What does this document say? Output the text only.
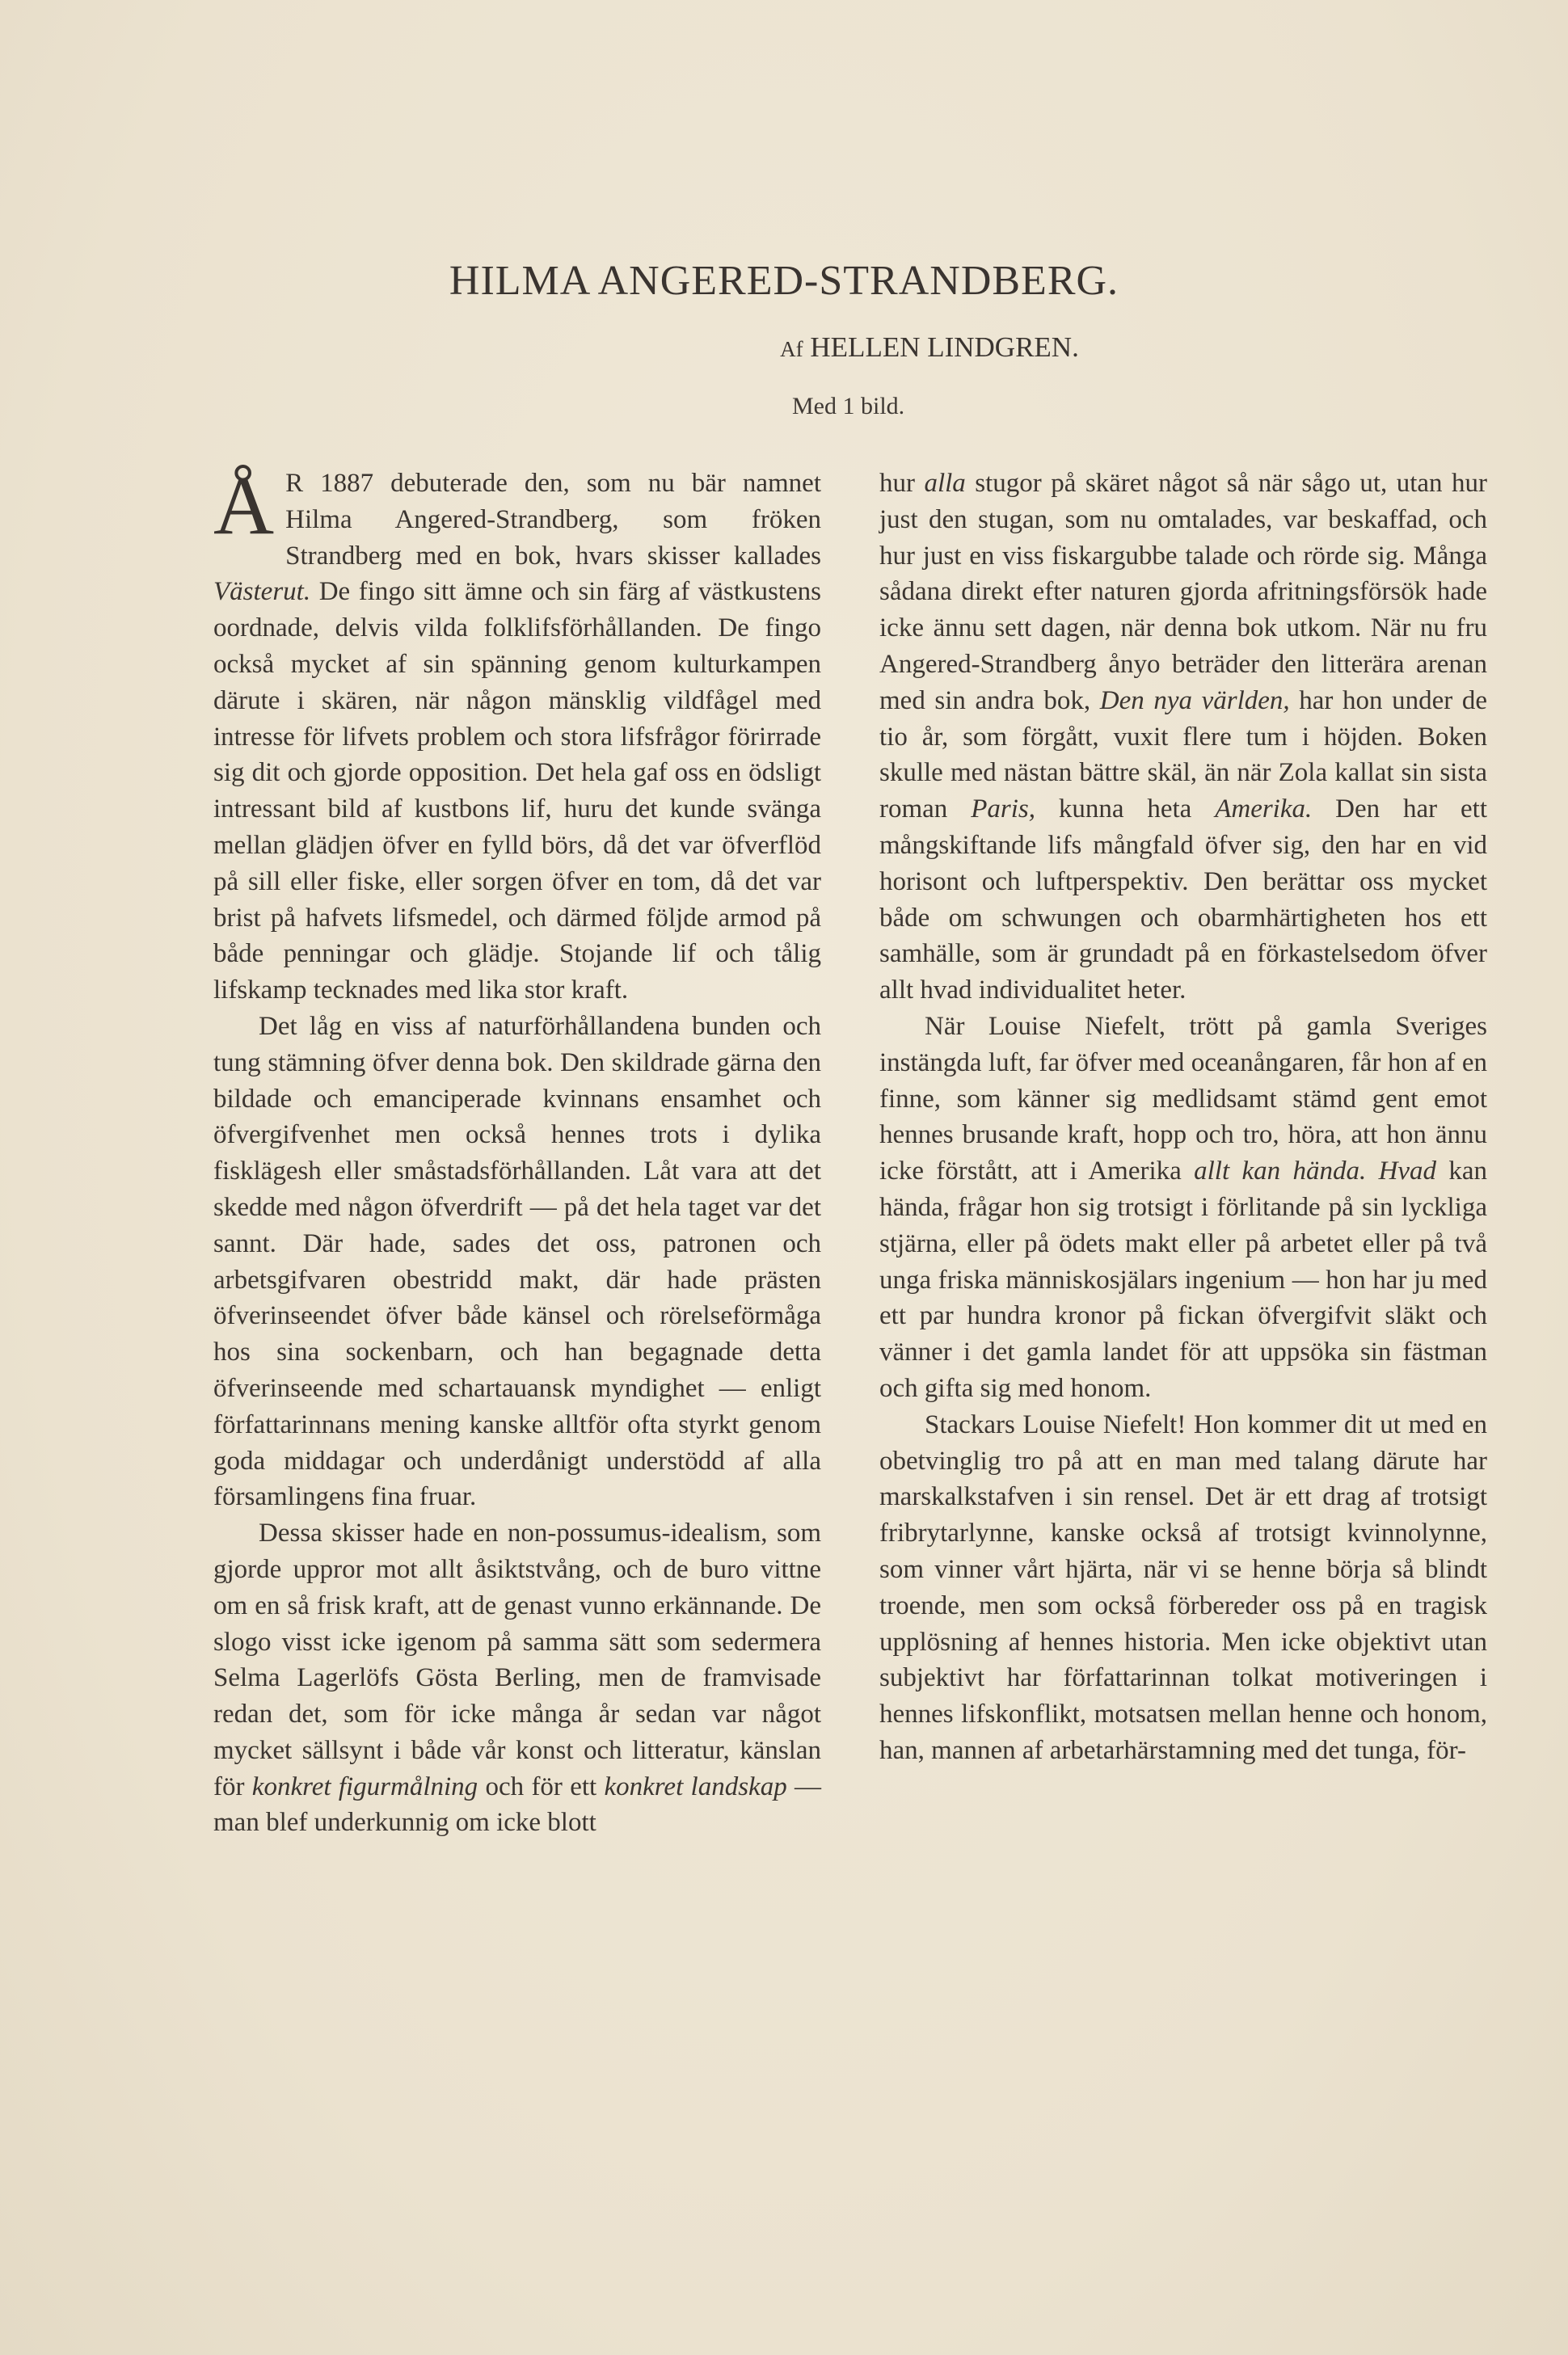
HILMA ANGERED-STRANDBERG.
Af HELLEN LINDGREN.
Med 1 bild.
Å R 1887 debuterade den, som nu bär namnet Hilma Angered-Strandberg, som fröken Strandberg med en bok, hvars skisser kallades Västerut. De fingo sitt ämne och sin färg af västkustens oordnade, delvis vilda folklifsförhållanden. De fingo också mycket af sin spänning genom kulturkampen därute i skären, när någon mänsklig vildfågel med intresse för lifvets problem och stora lifsfrågor förirrade sig dit och gjorde opposition. Det hela gaf oss en ödsligt intressant bild af kustbons lif, huru det kunde svänga mellan glädjen öfver en fylld börs, då det var öfverflöd på sill eller fiske, eller sorgen öfver en tom, då det var brist på hafvets lifsmedel, och därmed följde armod på både penningar och glädje. Stojande lif och tålig lifskamp tecknades med lika stor kraft.

Det låg en viss af naturförhållandena bunden och tung stämning öfver denna bok. Den skildrade gärna den bildade och emanciperade kvinnans ensamhet och öfvergifvenhet men också hennes trots i dylika fisklägesh eller småstadsförhållanden. Låt vara att det skedde med någon öfverdrift — på det hela taget var det sannt. Där hade, sades det oss, patronen och arbetsgifvaren obestridd makt, där hade prästen öfverinseendet öfver både känsel och rörelseförmåga hos sina sockenbarn, och han begagnade detta öfverinseende med schartauansk myndighet — enligt författarinnans mening kanske alltför ofta styrkt genom goda middagar och underdånigt understödd af alla församlingens fina fruar.

Dessa skisser hade en non-possumus-idealism, som gjorde uppror mot allt åsiktstvång, och de buro vittne om en så frisk kraft, att de genast vunno erkännande. De slogo visst icke igenom på samma sätt som sedermera Selma Lagerlöfs Gösta Berling, men de framvisade redan det, som för icke många år sedan var något mycket sällsynt i både vår konst och litteratur, känslan för konkret figurmålning och för ett konkret landskap — man blef underkunnig om icke blott

hur alla stugor på skäret något så när sågo ut, utan hur just den stugan, som nu omtalades, var beskaffad, och hur just en viss fiskargubbe talade och rörde sig. Många sådana direkt efter naturen gjorda afritningsförsök hade icke ännu sett dagen, när denna bok utkom. När nu fru Angered-Strandberg ånyo beträder den litterära arenan med sin andra bok, Den nya världen, har hon under de tio år, som förgått, vuxit flere tum i höjden. Boken skulle med nästan bättre skäl, än när Zola kallat sin sista roman Paris, kunna heta Amerika. Den har ett mångskiftande lifs mångfald öfver sig, den har en vid horisont och luftperspektiv. Den berättar oss mycket både om schwungen och obarmhärtigheten hos ett samhälle, som är grundadt på en förkastelsedom öfver allt hvad individualitet heter.

När Louise Niefelt, trött på gamla Sveriges instängda luft, far öfver med oceanångaren, får hon af en finne, som känner sig medlidsamt stämd gent emot hennes brusande kraft, hopp och tro, höra, att hon ännu icke förstått, att i Amerika allt kan hända. Hvad kan hända, frågar hon sig trotsigt i förlitande på sin lyckliga stjärna, eller på ödets makt eller på arbetet eller på två unga friska människosjälars ingenium — hon har ju med ett par hundra kronor på fickan öfvergifvit släkt och vänner i det gamla landet för att uppsöka sin fästman och gifta sig med honom.

Stackars Louise Niefelt! Hon kommer dit ut med en obetvinglig tro på att en man med talang därute har marskalkstafven i sin rensel. Det är ett drag af trotsigt fribrytarlynne, kanske också af trotsigt kvinnolynne, som vinner vårt hjärta, när vi se henne börja så blindt troende, men som också förbereder oss på en tragisk upplösning af hennes historia. Men icke objektivt utan subjektivt har författarinnan tolkat motiveringen i hennes lifskonflikt, motsatsen mellan henne och honom, han, mannen af arbetarhärstamning med det tunga, för-
